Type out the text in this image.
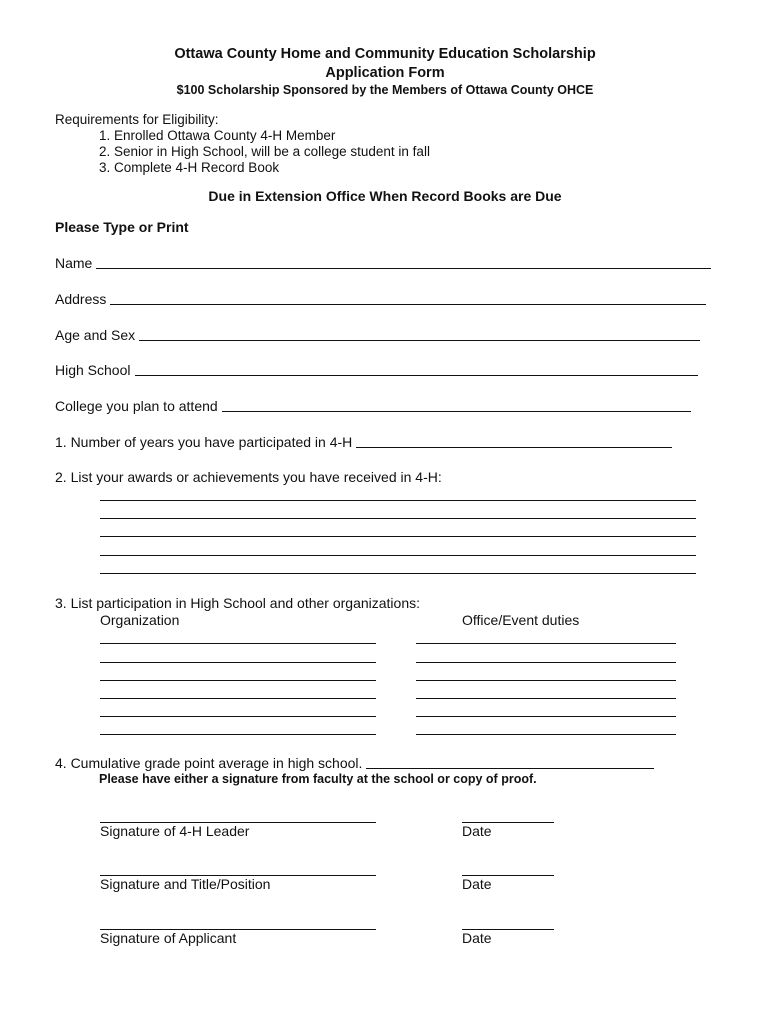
Ottawa County Home and Community Education Scholarship
Application Form
$100 Scholarship Sponsored by the Members of Ottawa County OHCE
Requirements for Eligibility:
1. Enrolled Ottawa County 4-H Member
2. Senior in High School, will be a college student in fall
3. Complete 4-H Record Book
Due in Extension Office When Record Books are Due
Please Type or Print
Name
Address
Age and Sex
High School
College you plan to attend
1. Number of years you have participated in 4-H
2. List your awards or achievements you have received in 4-H:
3. List participation in High School and other organizations:
Organization	Office/Event duties
4. Cumulative grade point average in high school.
Please have either a signature from faculty at the school or copy of proof.
Signature of 4-H Leader	Date
Signature and Title/Position	Date
Signature of Applicant	Date
